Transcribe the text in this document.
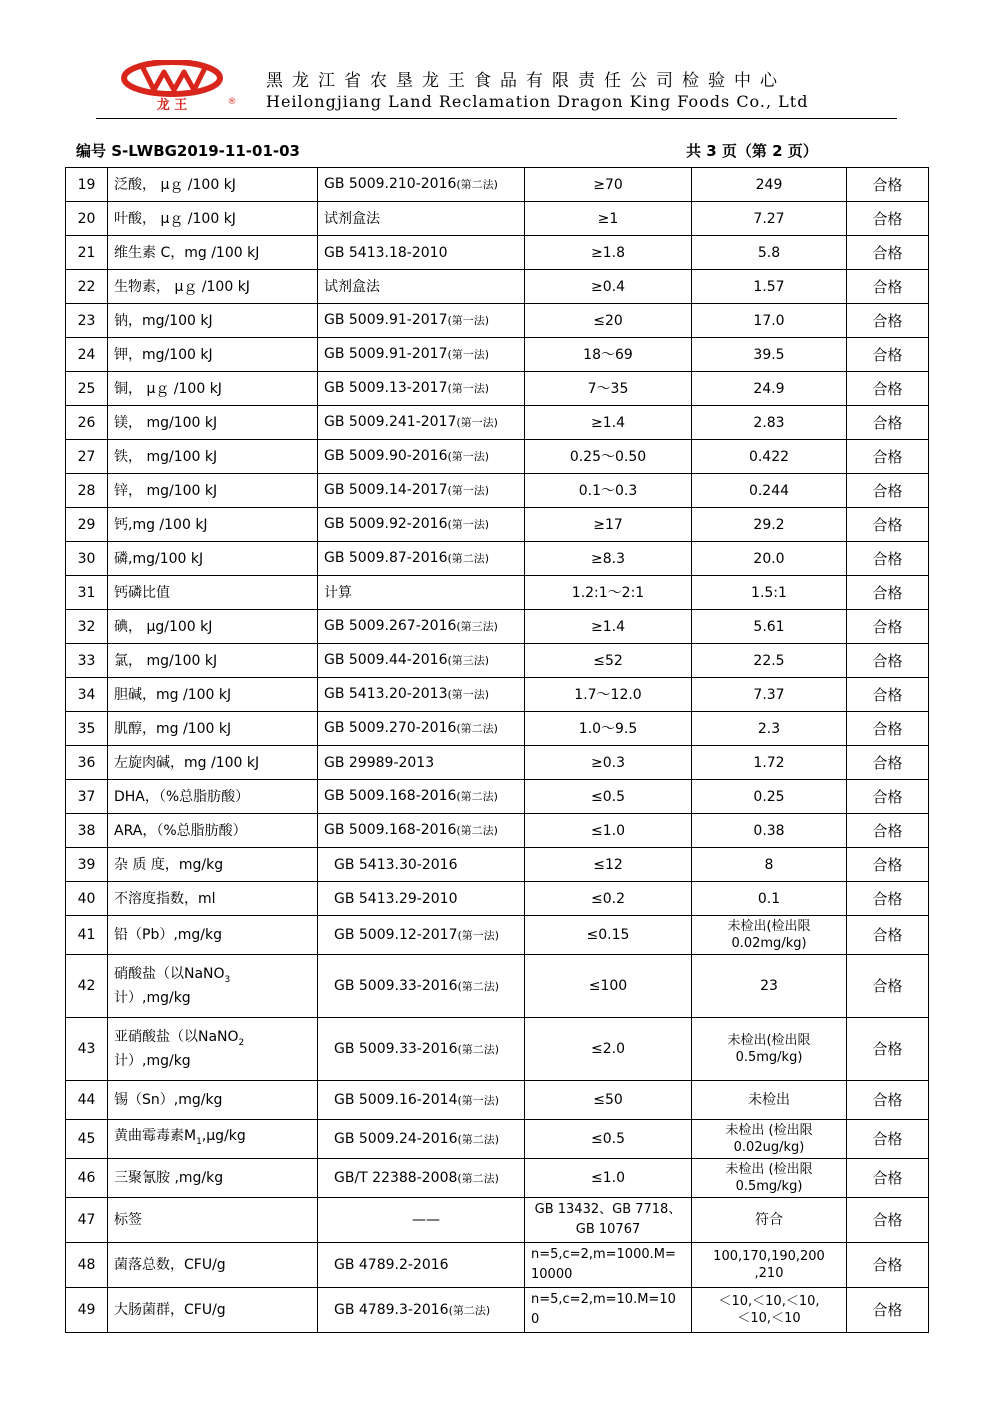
龙 王	®
黑龙江省农垦龙王食品有限责任公司检验中心
Heilongjiang Land Reclamation Dragon King Foods Co., Ltd
编号 S-LWBG2019-11-01-03	共 3 页（第 2 页）
19	泛酸， μｇ /100 kJ	GB 5009.210-2016(第二法)	≥70	249	合格
20	叶酸， μｇ /100 kJ	试剂盒法	≥1	7.27	合格
21	维生素 C，mg /100 kJ	GB 5413.18-2010	≥1.8	5.8	合格
22	生物素， μｇ /100 kJ	试剂盒法	≥0.4	1.57	合格
23	钠，mg/100 kJ	GB 5009.91-2017(第一法)	≤20	17.0	合格
24	钾，mg/100 kJ	GB 5009.91-2017(第一法)	18～69	39.5	合格
25	铜， μｇ /100 kJ	GB 5009.13-2017(第一法)	7～35	24.9	合格
26	镁， mg/100 kJ	GB 5009.241-2017(第一法)	≥1.4	2.83	合格
27	铁， mg/100 kJ	GB 5009.90-2016(第一法)	0.25～0.50	0.422	合格
28	锌， mg/100 kJ	GB 5009.14-2017(第一法)	0.1～0.3	0.244	合格
29	钙,mg /100 kJ	GB 5009.92-2016(第一法)	≥17	29.2	合格
30	磷,mg/100 kJ	GB 5009.87-2016(第二法)	≥8.3	20.0	合格
31	钙磷比值	计算	1.2:1～2:1	1.5:1	合格
32	碘， μg/100 kJ	GB 5009.267-2016(第三法)	≥1.4	5.61	合格
33	氯， mg/100 kJ	GB 5009.44-2016(第三法)	≤52	22.5	合格
34	胆碱，mg /100 kJ	GB 5413.20-2013(第一法)	1.7～12.0	7.37	合格
35	肌醇，mg /100 kJ	GB 5009.270-2016(第二法)	1.0～9.5	2.3	合格
36	左旋肉碱，mg /100 kJ	GB 29989-2013	≥0.3	1.72	合格
37	DHA，（%总脂肪酸）	GB 5009.168-2016(第二法)	≤0.5	0.25	合格
38	ARA，（%总脂肪酸）	GB 5009.168-2016(第二法)	≤1.0	0.38	合格
39	杂 质 度，mg/kg	GB 5413.30-2016	≤12	8	合格
40	不溶度指数，ml	GB 5413.29-2010	≤0.2	0.1	合格
41	铅（Pb）,mg/kg	GB 5009.12-2017(第一法)	≤0.15	未检出(检出限
0.02mg/kg)	合格
42	硝酸盐（以NaNO$_3$
计）,mg/kg	GB 5009.33-2016(第二法)	≤100	23	合格
43	亚硝酸盐（以NaNO$_2$
计）,mg/kg	GB 5009.33-2016(第二法)	≤2.0	未检出(检出限
0.5mg/kg)	合格
44	锡（Sn）,mg/kg	GB 5009.16-2014(第一法)	≤50	未检出	合格
45	黄曲霉毒素$M_1,\mu g/kg$	GB 5009.24-2016(第二法)	≤0.5	未检出 (检出限
0.02ug/kg)	合格
46	三聚氰胺 ,mg/kg	GB/T 22388-2008(第二法)	≤1.0	未检出 (检出限
0.5mg/kg)	合格
47	标签	——	GB 13432、GB 7718、
GB 10767	符合	合格
48	菌落总数，CFU/g	GB 4789.2-2016	n=5,c=2,m=1000.M=
10000	100,170,190,200
,210	合格
49	大肠菌群，CFU/g	GB 4789.3-2016(第二法)	n=5,c=2,m=10.M=10
0	＜10,＜10,＜10,
＜10,＜10	合格
